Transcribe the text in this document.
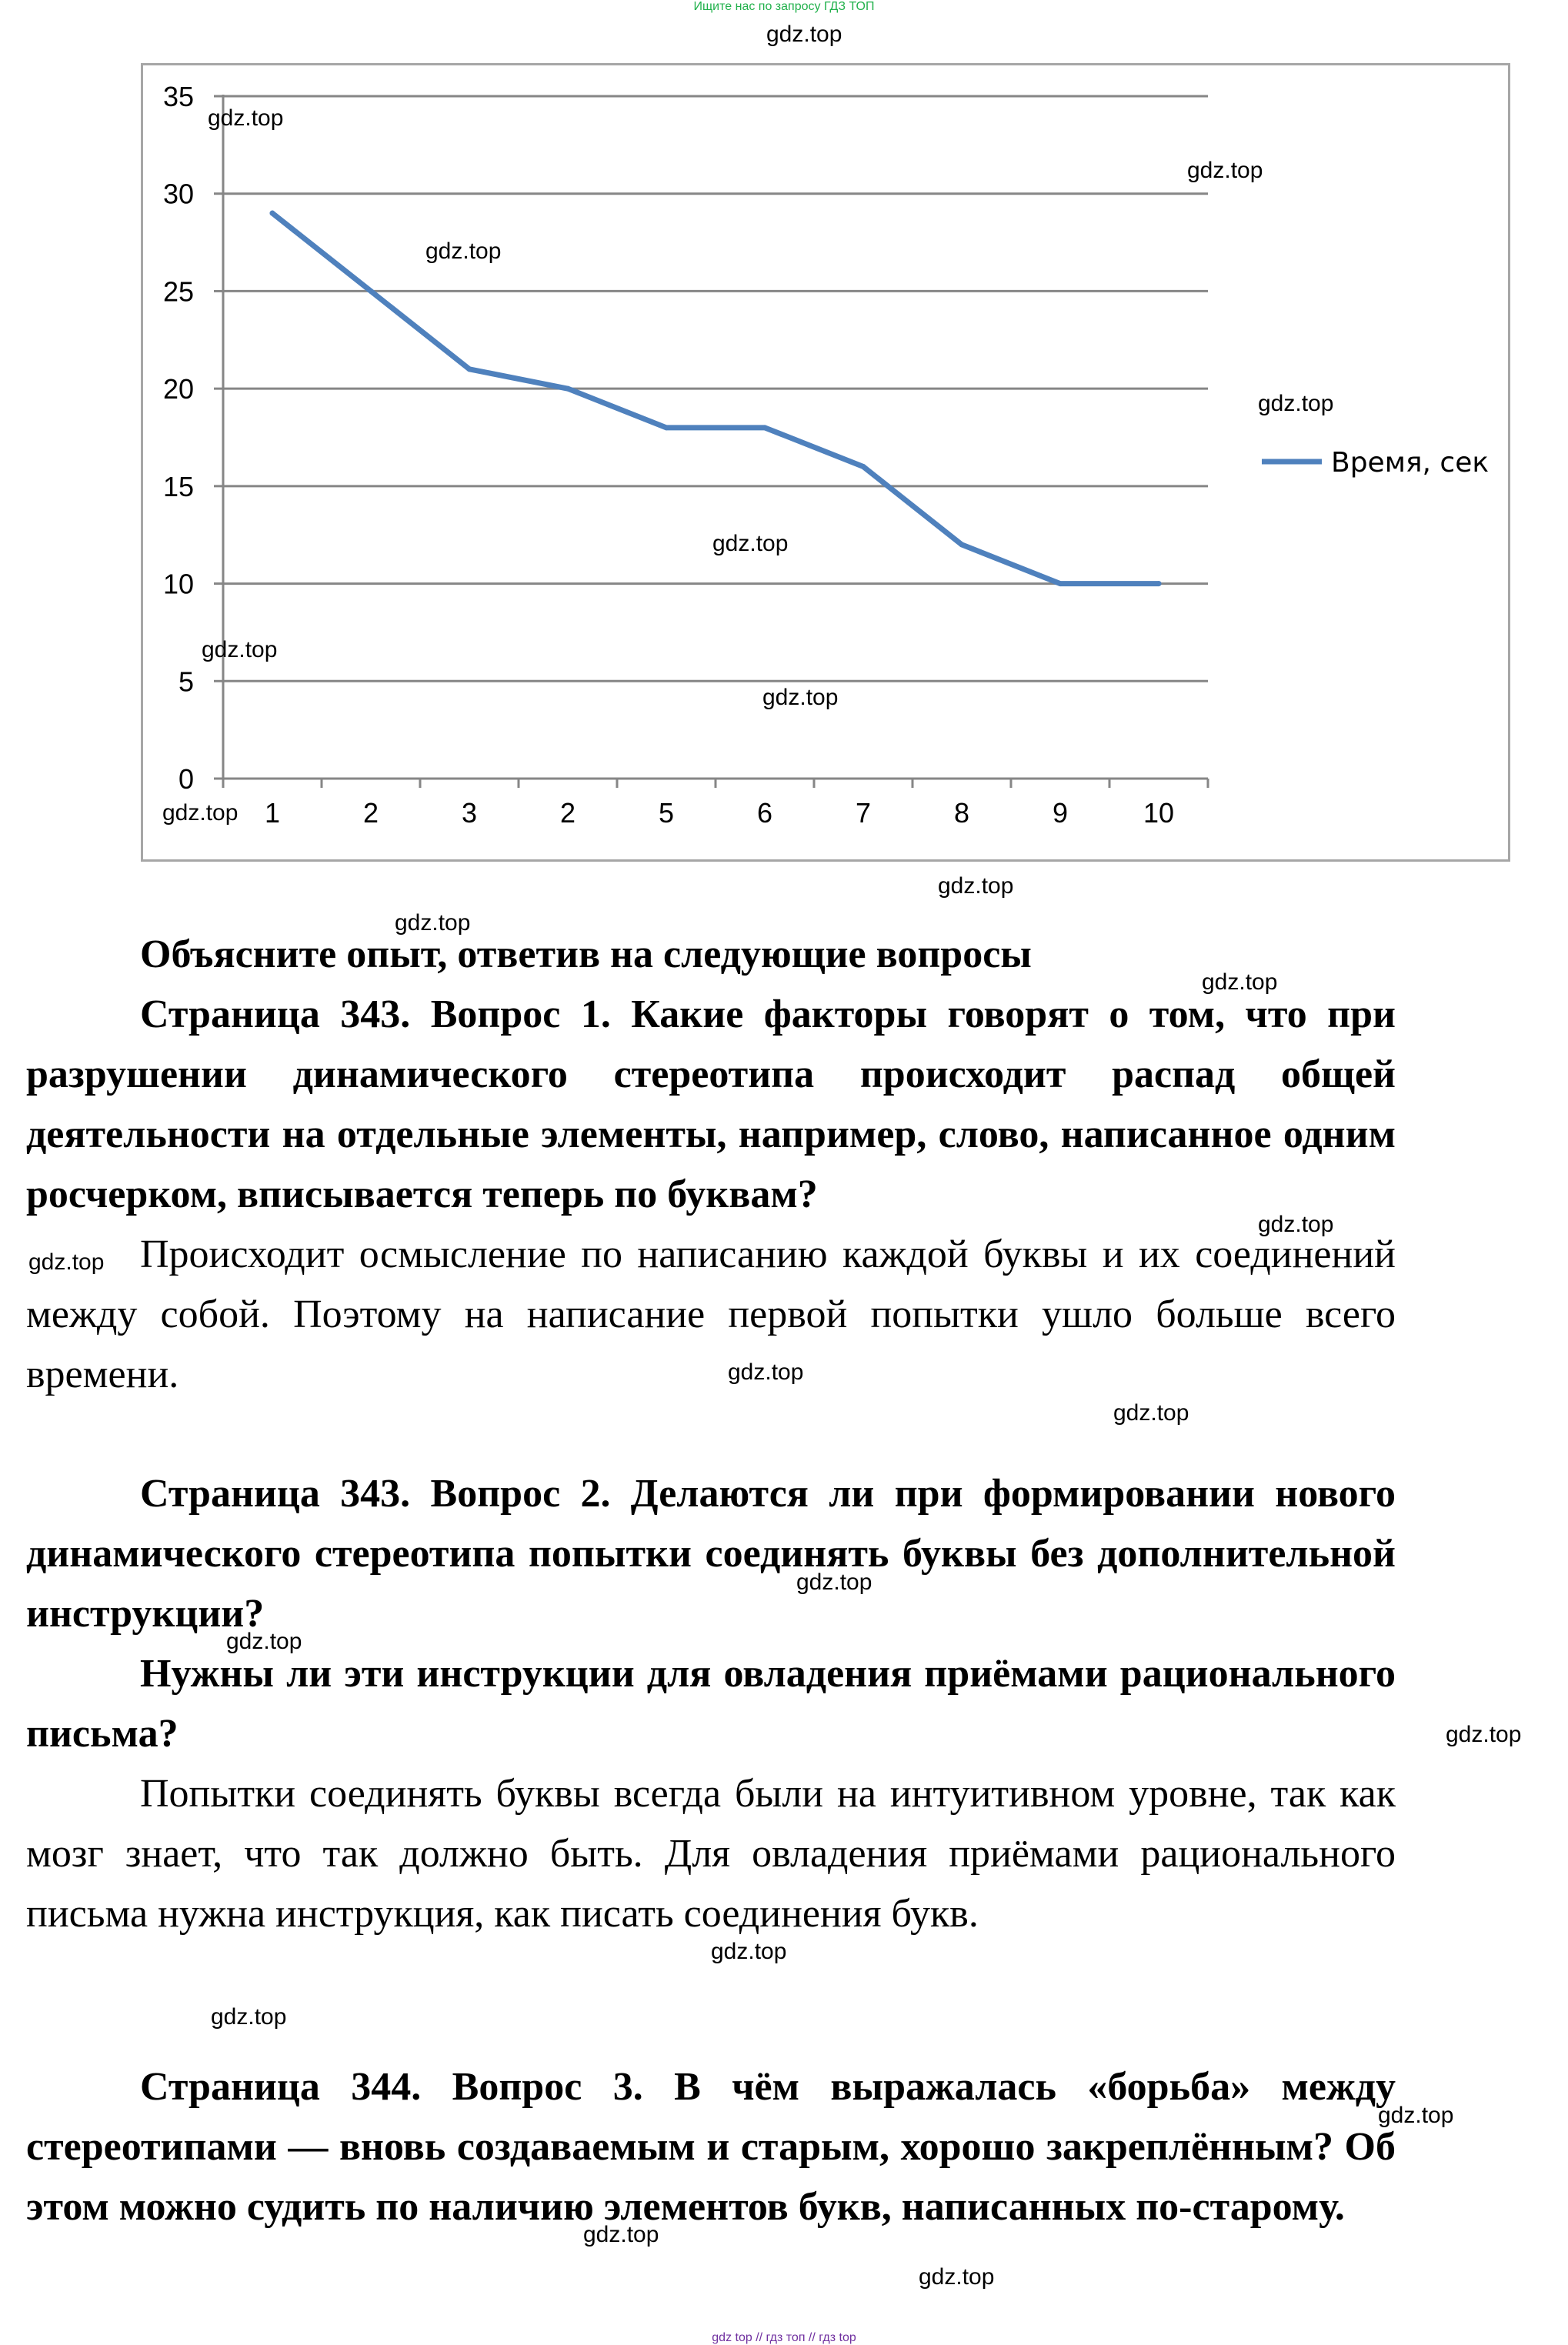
Ищите нас по запросу ГДЗ ТОП
0
5
10
15
20
25
30
35
1	2	3	2	5	6	7	8	9	10
Время, сек

Объясните опыт, ответив на следующие вопросы

Страница 343. Вопрос 1. Какие факторы говорят о том, что при разрушении динамического стереотипа происходит распад общей деятельности на отдельные элементы, например, слово, написанное одним росчерком, вписывается теперь по буквам?

Происходит осмысление по написанию каждой буквы и их соединений между собой. Поэтому на написание первой попытки ушло больше всего времени.

Страница 343. Вопрос 2. Делаются ли при формировании нового динамического стереотипа попытки соединять буквы без дополнительной инструкции?

Нужны ли эти инструкции для овладения приёмами рационального письма?

Попытки соединять буквы всегда были на интуитивном уровне, так как мозг знает, что так должно быть. Для овладения приёмами рационального письма нужна инструкция, как писать соединения букв.

Страница 344. Вопрос 3. В чём выражалась «борьба» между стереотипами — вновь создаваемым и старым, хорошо закреплённым? Об этом можно судить по наличию элементов букв, написанных по-старому.

gdz.top
gdz.top
gdz.top
gdz.top
gdz.top
gdz.top
gdz.top
gdz.top
gdz.top
gdz.top
gdz.top
gdz.top
gdz.top
gdz.top
gdz.top
gdz.top
gdz.top
gdz.top
gdz.top
gdz.top
gdz.top
gdz.top
gdz.top
gdz.top
gdz top // гдз топ // гдз top
